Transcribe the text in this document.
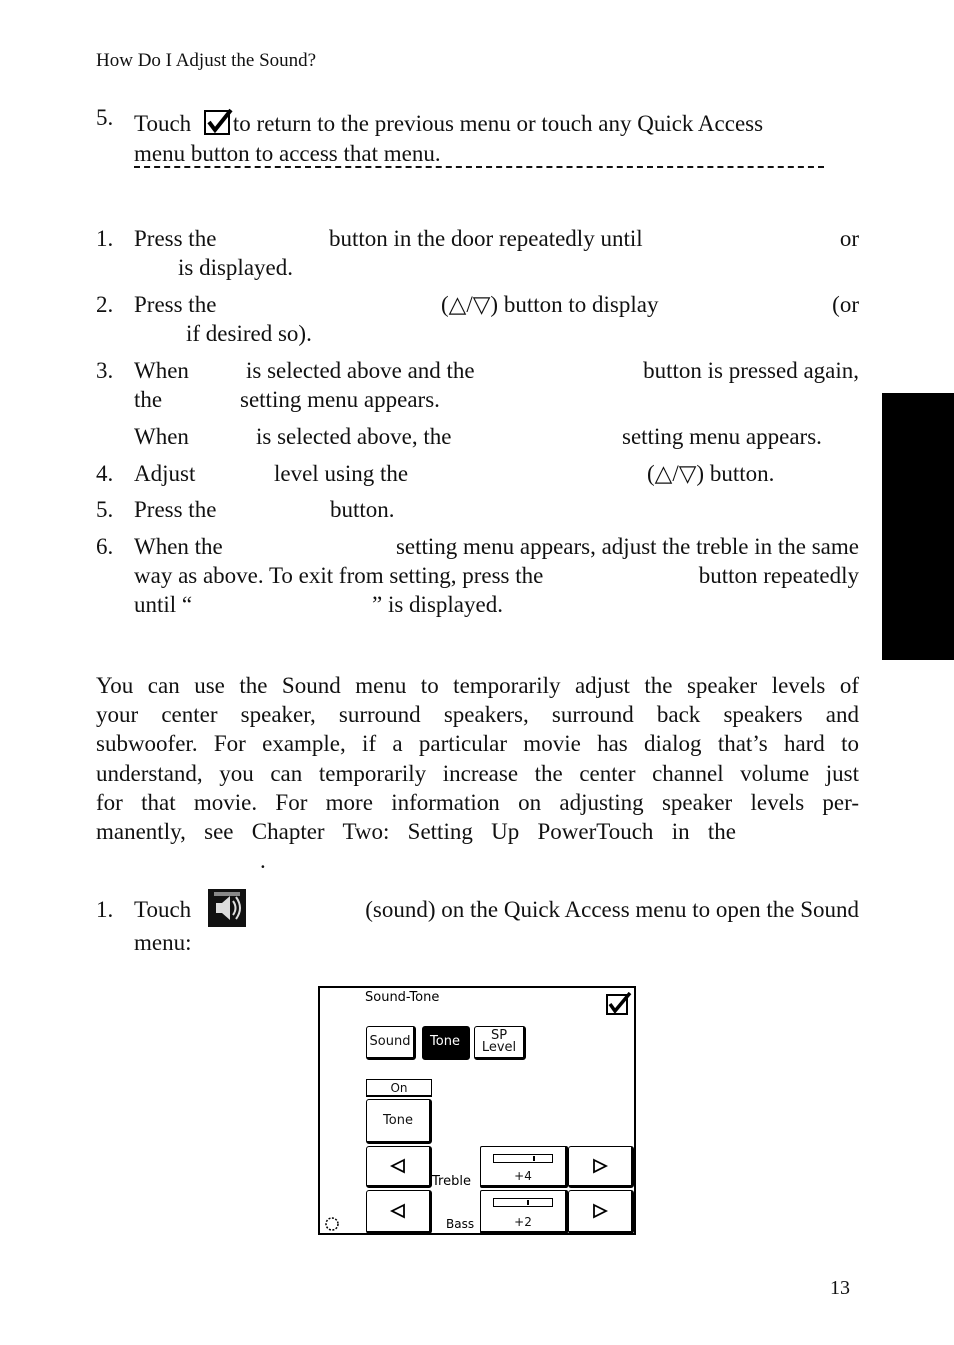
How Do I Adjust the Sound?
5. Touch to return to the previous menu or touch any Quick Access
menu button to access that menu.
1. Press the	button in the door repeatedly until	or
is displayed.
2. Press the	(△/▽) button to display	(or
if desired so).
3. When is selected above and the	button is pressed again,
the	setting menu appears.
When	is selected above, the	setting menu appears.
4. Adjust	level using the	(△/▽) button.
5. Press the	button.
6. When the	setting menu appears, adjust the treble in the same
way as above. To exit from setting, press the	button repeatedly
until “	” is displayed.
You can use the Sound menu to temporarily adjust the speaker levels of
your center speaker, surround speakers, surround back speakers and
subwoofer. For example, if a particular movie has dialog that’s hard to
understand, you can temporarily increase the center channel volume just
for that movie. For more information on adjusting speaker levels per-
manently, see Chapter Two: Setting Up PowerTouch in the
.
1. Touch	(sound) on the Quick Access menu to open the Sound
menu:
Sound-Tone
Sound	Tone	SP
Level
On
Tone
Treble	+4
Bass	+2
13
